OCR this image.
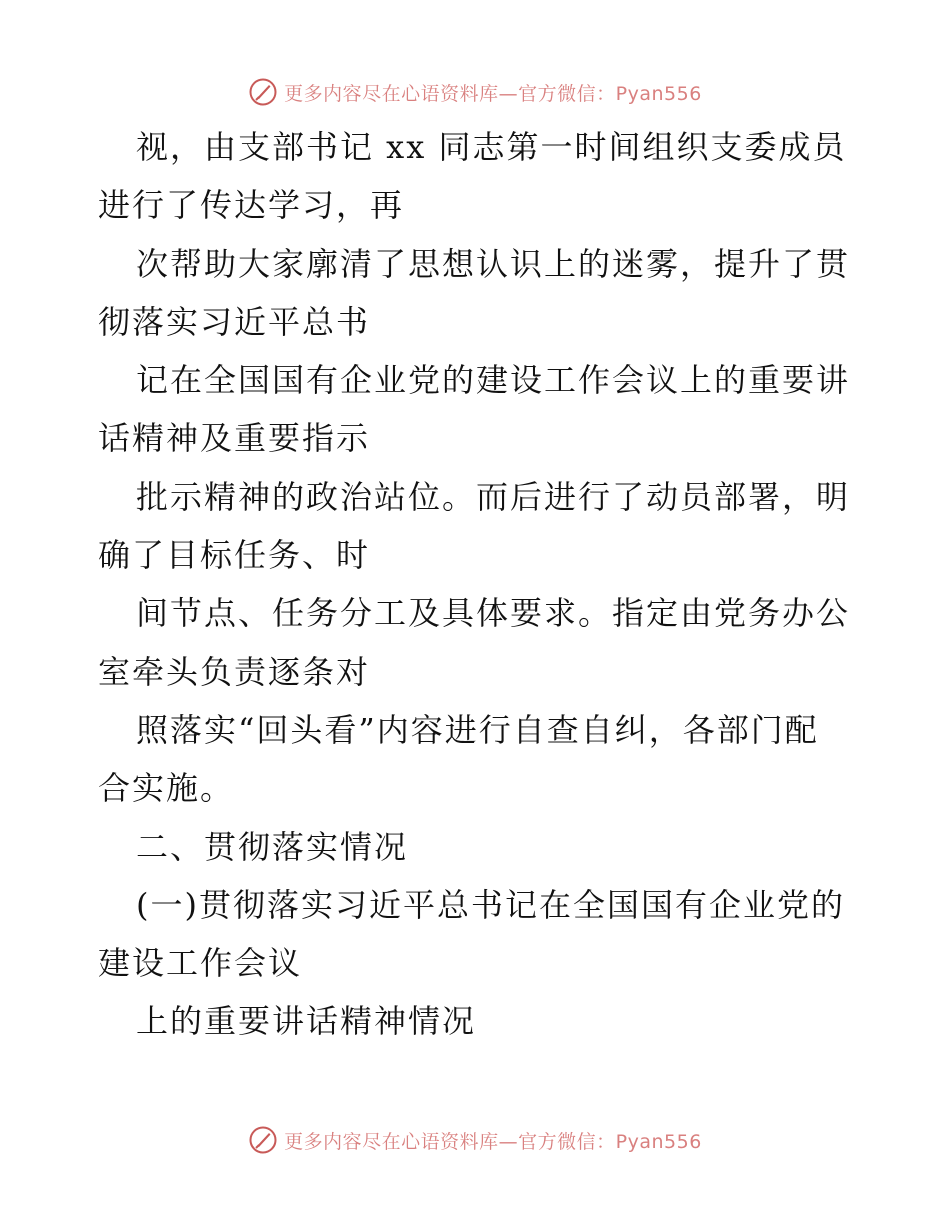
更多内容尽在心语资料库—官方微信：Pyan556
视，由支部书记 xx 同志第一时间组织支委成员
进行了传达学习，再
次帮助大家廓清了思想认识上的迷雾，提升了贯
彻落实习近平总书
记在全国国有企业党的建设工作会议上的重要讲
话精神及重要指示
批示精神的政治站位。而后进行了动员部署，明
确了目标任务、时
间节点、任务分工及具体要求。指定由党务办公
室牵头负责逐条对
照落实“回头看”内容进行自查自纠，各部门配
合实施。
二、贯彻落实情况
(一)贯彻落实习近平总书记在全国国有企业党的
建设工作会议
上的重要讲话精神情况
更多内容尽在心语资料库—官方微信：Pyan556
